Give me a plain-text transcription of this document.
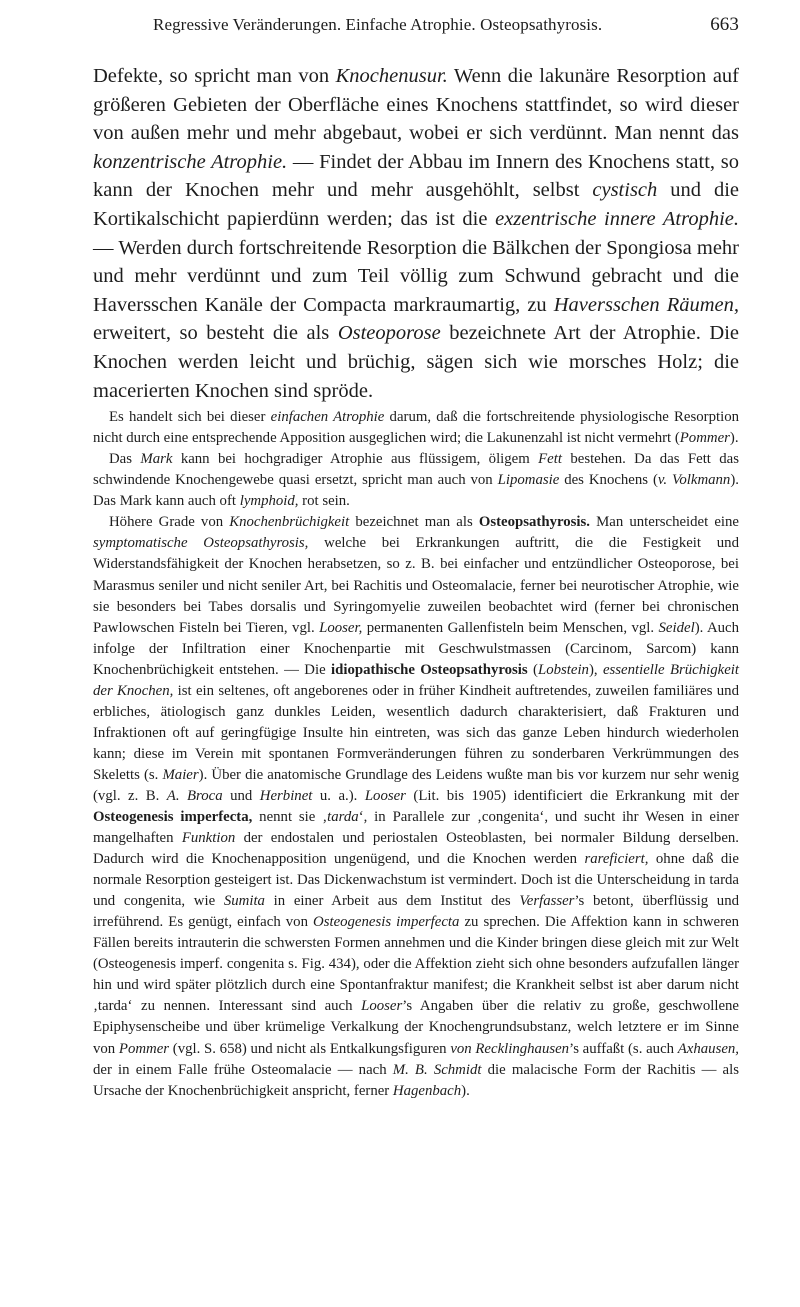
Regressive Veränderungen. Einfache Atrophie. Osteopsathyrosis.	663

Defekte, so spricht man von Knochenusur. Wenn die lakunäre Resorption auf größeren Gebieten der Oberfläche eines Knochens stattfindet, so wird dieser von außen mehr und mehr abgebaut, wobei er sich verdünnt. Man nennt das konzentrische Atrophie. — Findet der Abbau im Innern des Knochens statt, so kann der Knochen mehr und mehr ausgehöhlt, selbst cystisch und die Kortikalschicht papierdünn werden; das ist die exzentrische innere Atrophie. — Werden durch fortschreitende Resorption die Bälkchen der Spongiosa mehr und mehr verdünnt und zum Teil völlig zum Schwund gebracht und die Haversschen Kanäle der Compacta markraumartig, zu Haversschen Räumen, erweitert, so besteht die als Osteoporose bezeichnete Art der Atrophie. Die Knochen werden leicht und brüchig, sägen sich wie morsches Holz; die macerierten Knochen sind spröde.

Es handelt sich bei dieser einfachen Atrophie darum, daß die fortschreitende physiologische Resorption nicht durch eine entsprechende Apposition ausgeglichen wird; die Lakunenzahl ist nicht vermehrt (Pommer).

Das Mark kann bei hochgradiger Atrophie aus flüssigem, öligem Fett bestehen. Da das Fett das schwindende Knochengewebe quasi ersetzt, spricht man auch von Lipomasie des Knochens (v. Volkmann). Das Mark kann auch oft lymphoid, rot sein.

Höhere Grade von Knochenbrüchigkeit bezeichnet man als Osteopsathyrosis. Man unterscheidet eine symptomatische Osteopsathyrosis, welche bei Erkrankungen auftritt, die die Festigkeit und Widerstandsfähigkeit der Knochen herabsetzen, so z. B. bei einfacher und entzündlicher Osteoporose, bei Marasmus seniler und nicht seniler Art, bei Rachitis und Osteomalacie, ferner bei neurotischer Atrophie, wie sie besonders bei Tabes dorsalis und Syringomyelie zuweilen beobachtet wird (ferner bei chronischen Pawlowschen Fisteln bei Tieren, vgl. Looser, permanenten Gallenfisteln beim Menschen, vgl. Seidel). Auch infolge der Infiltration einer Knochenpartie mit Geschwulstmassen (Carcinom, Sarcom) kann Knochenbrüchigkeit entstehen. — Die idiopathische Osteopsathyrosis (Lobstein), essentielle Brüchigkeit der Knochen, ist ein seltenes, oft angeborenes oder in früher Kindheit auftretendes, zuweilen familiäres und erbliches, ätiologisch ganz dunkles Leiden, wesentlich dadurch charakterisiert, daß Frakturen und Infraktionen oft auf geringfügige Insulte hin eintreten, was sich das ganze Leben hindurch wiederholen kann; diese im Verein mit spontanen Formveränderungen führen zu sonderbaren Verkrümmungen des Skeletts (s. Maier). Über die anatomische Grundlage des Leidens wußte man bis vor kurzem nur sehr wenig (vgl. z. B. A. Broca und Herbinet u. a.). Looser (Lit. bis 1905) identificiert die Erkrankung mit der Osteogenesis imperfecta, nennt sie ‚tarda‘, in Parallele zur ‚congenita‘, und sucht ihr Wesen in einer mangelhaften Funktion der endostalen und periostalen Osteoblasten, bei normaler Bildung derselben. Dadurch wird die Knochenapposition ungenügend, und die Knochen werden rareficiert, ohne daß die normale Resorption gesteigert ist. Das Dickenwachstum ist vermindert. Doch ist die Unterscheidung in tarda und congenita, wie Sumita in einer Arbeit aus dem Institut des Verfasser’s betont, überflüssig und irreführend. Es genügt, einfach von Osteogenesis imperfecta zu sprechen. Die Affektion kann in schweren Fällen bereits intrauterin die schwersten Formen annehmen und die Kinder bringen diese gleich mit zur Welt (Osteogenesis imperf. congenita s. Fig. 434), oder die Affektion zieht sich ohne besonders aufzufallen länger hin und wird später plötzlich durch eine Spontanfraktur manifest; die Krankheit selbst ist aber darum nicht ‚tarda‘ zu nennen. Interessant sind auch Looser’s Angaben über die relativ zu große, geschwollene Epiphysenscheibe und über krümelige Verkalkung der Knochengrundsubstanz, welch letztere er im Sinne von Pommer (vgl. S. 658) und nicht als Entkalkungsfiguren von Recklinghausen’s auffaßt (s. auch Axhausen, der in einem Falle frühe Osteomalacie — nach M. B. Schmidt die malacische Form der Rachitis — als Ursache der Knochenbrüchigkeit anspricht, ferner Hagenbach).
